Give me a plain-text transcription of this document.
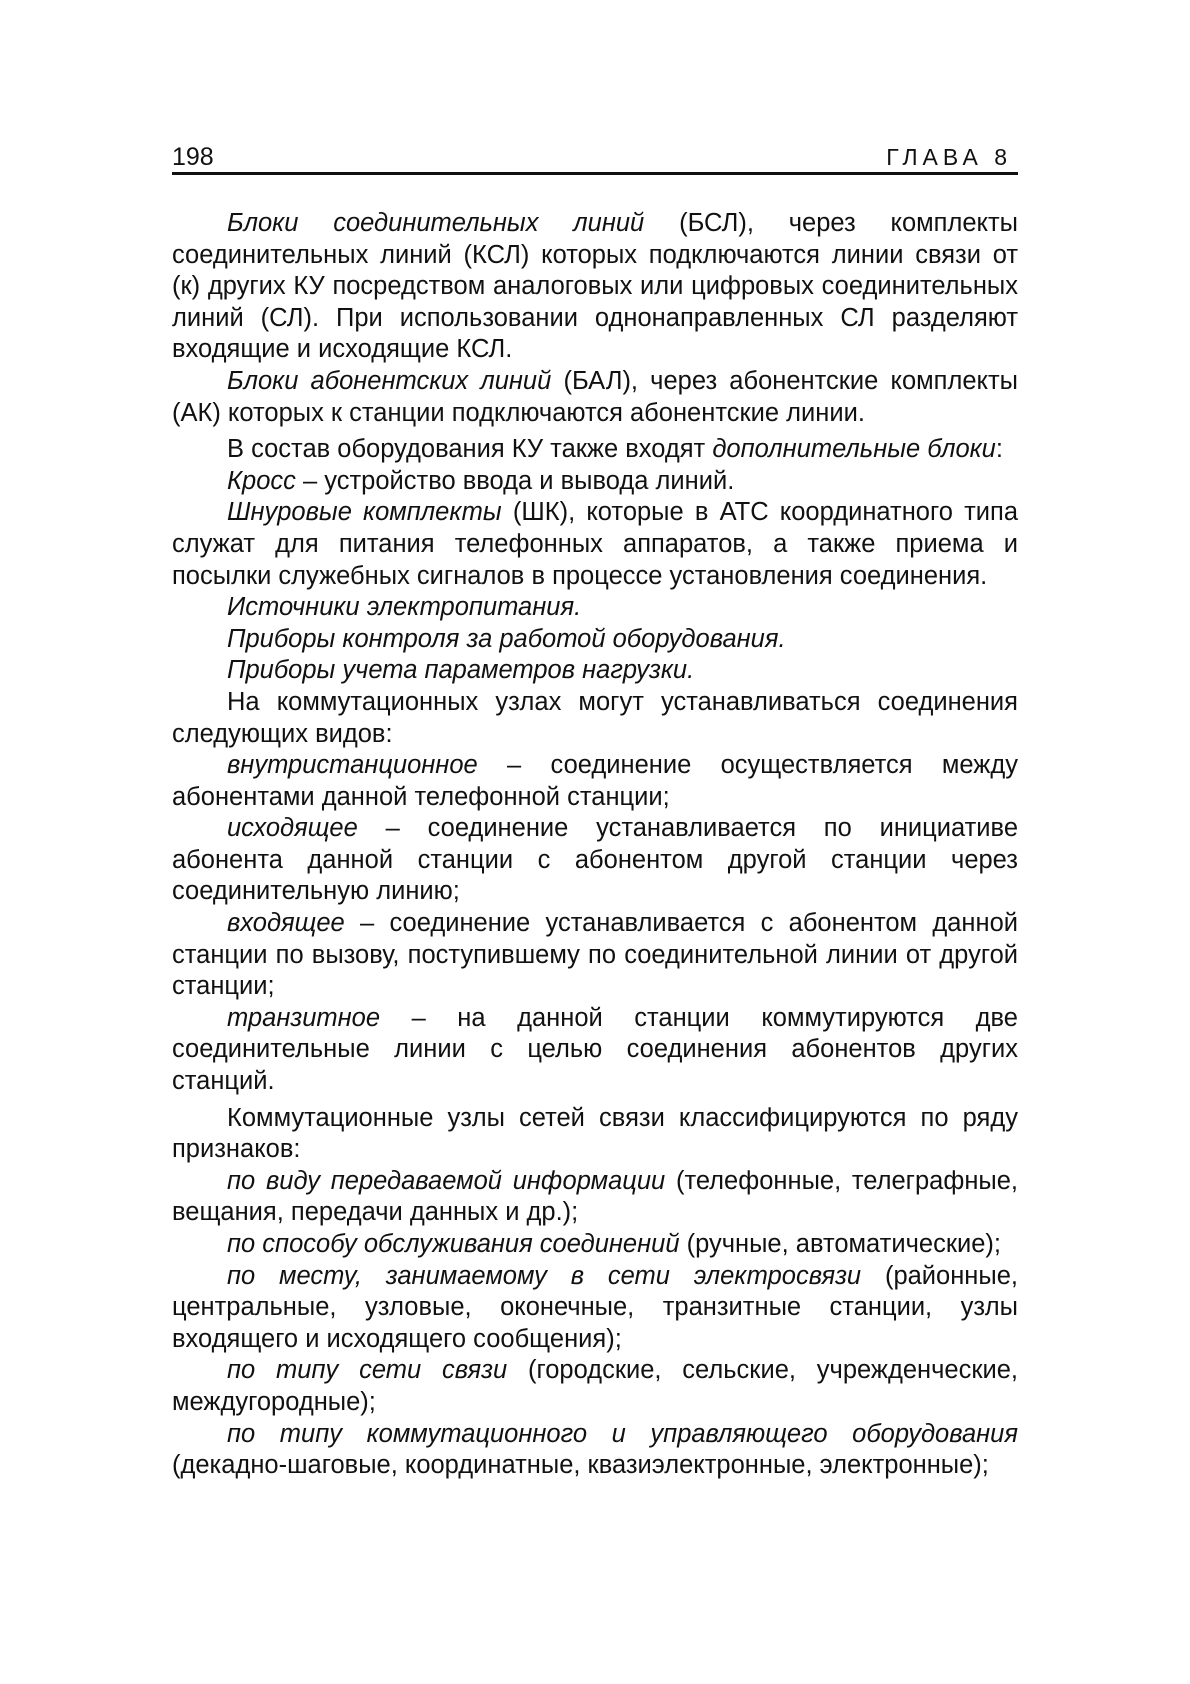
198	ГЛАВА 8

Блоки соединительных линий (БСЛ), через комплекты соединительных линий (КСЛ) которых подключаются линии связи от (к) других КУ посредством аналоговых или цифровых соединительных линий (СЛ). При использовании однонаправленных СЛ разделяют входящие и исходящие КСЛ.

Блоки абонентских линий (БАЛ), через абонентские комплекты (АК) которых к станции подключаются абонентские линии.

В состав оборудования КУ также входят дополнительные блоки:

Кросс – устройство ввода и вывода линий.

Шнуровые комплекты (ШК), которые в АТС координатного типа служат для питания телефонных аппаратов, а также приема и посылки служебных сигналов в процессе установления соединения.

Источники электропитания.

Приборы контроля за работой оборудования.

Приборы учета параметров нагрузки.

На коммутационных узлах могут устанавливаться соединения следующих видов:

внутристанционное – соединение осуществляется между абонентами данной телефонной станции;

исходящее – соединение устанавливается по инициативе абонента данной станции с абонентом другой станции через соединительную линию;

входящее – соединение устанавливается с абонентом данной станции по вызову, поступившему по соединительной линии от другой станции;

транзитное – на данной станции коммутируются две соединительные линии с целью соединения абонентов других станций.

Коммутационные узлы сетей связи классифицируются по ряду признаков:

по виду передаваемой информации (телефонные, телеграфные, вещания, передачи данных и др.);

по способу обслуживания соединений (ручные, автоматические);

по месту, занимаемому в сети электросвязи (районные, центральные, узловые, оконечные, транзитные станции, узлы входящего и исходящего сообщения);

по типу сети связи (городские, сельские, учрежденческие, междугородные);

по типу коммутационного и управляющего оборудования (декадно-шаговые, координатные, квазиэлектронные, электронные);
